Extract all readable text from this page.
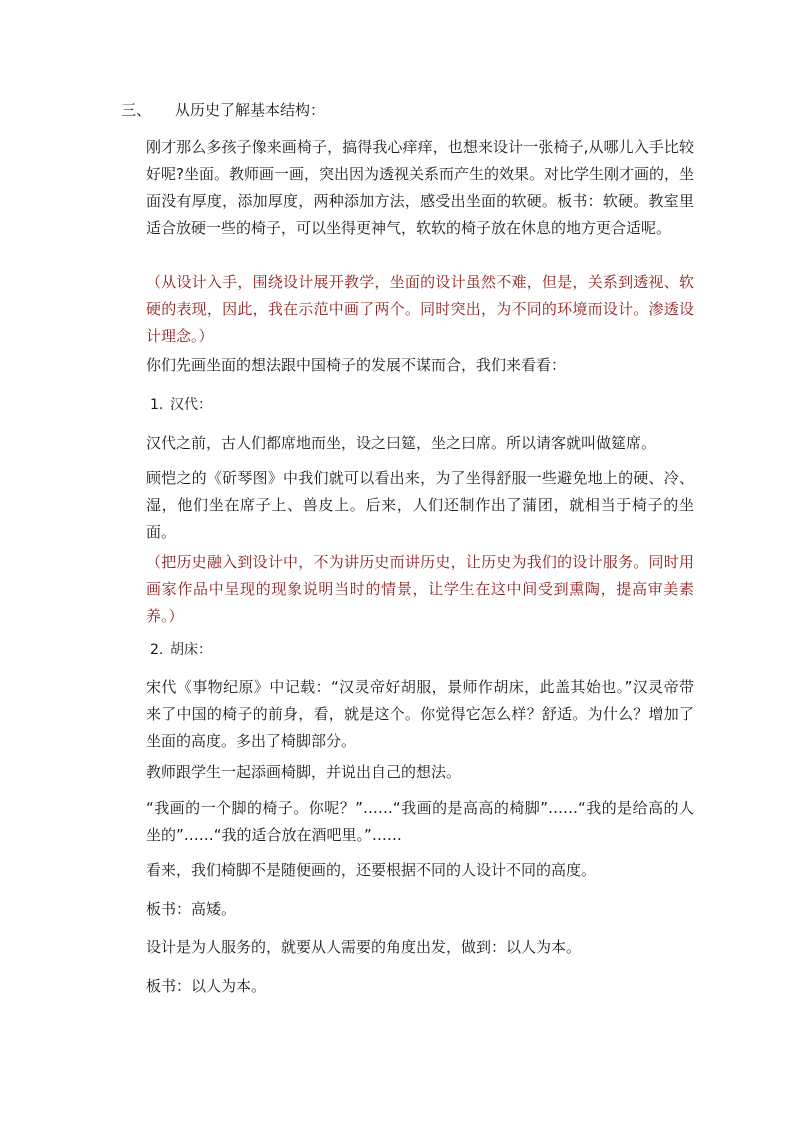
三、 从历史了解基本结构：

刚才那么多孩子像来画椅子，搞得我心痒痒，也想来设计一张椅子,从哪儿入手比较好呢?坐面。教师画一画，突出因为透视关系而产生的效果。对比学生刚才画的，坐面没有厚度，添加厚度，两种添加方法，感受出坐面的软硬。板书：软硬。教室里适合放硬一些的椅子，可以坐得更神气，软软的椅子放在休息的地方更合适呢。

（从设计入手，围绕设计展开教学，坐面的设计虽然不难，但是，关系到透视、软硬的表现，因此，我在示范中画了两个。同时突出，为不同的环境而设计。渗透设计理念。）

你们先画坐面的想法跟中国椅子的发展不谋而合，我们来看看：

1. 汉代：

汉代之前，古人们都席地而坐，设之曰筵，坐之曰席。所以请客就叫做筵席。

顾恺之的《斫琴图》中我们就可以看出来，为了坐得舒服一些避免地上的硬、冷、湿，他们坐在席子上、兽皮上。后来，人们还制作出了蒲团，就相当于椅子的坐面。

（把历史融入到设计中，不为讲历史而讲历史，让历史为我们的设计服务。同时用画家作品中呈现的现象说明当时的情景，让学生在这中间受到熏陶，提高审美素养。）

2. 胡床：

宋代《事物纪原》中记载：“汉灵帝好胡服，景师作胡床，此盖其始也。”汉灵帝带来了中国的椅子的前身，看，就是这个。你觉得它怎么样？舒适。为什么？增加了坐面的高度。多出了椅脚部分。

教师跟学生一起添画椅脚，并说出自己的想法。

“我画的一个脚的椅子。你呢？”……“我画的是高高的椅脚”……“我的是给高的人坐的”……“我的适合放在酒吧里。”……

看来，我们椅脚不是随便画的，还要根据不同的人设计不同的高度。

板书：高矮。

设计是为人服务的，就要从人需要的角度出发，做到：以人为本。

板书：以人为本。
